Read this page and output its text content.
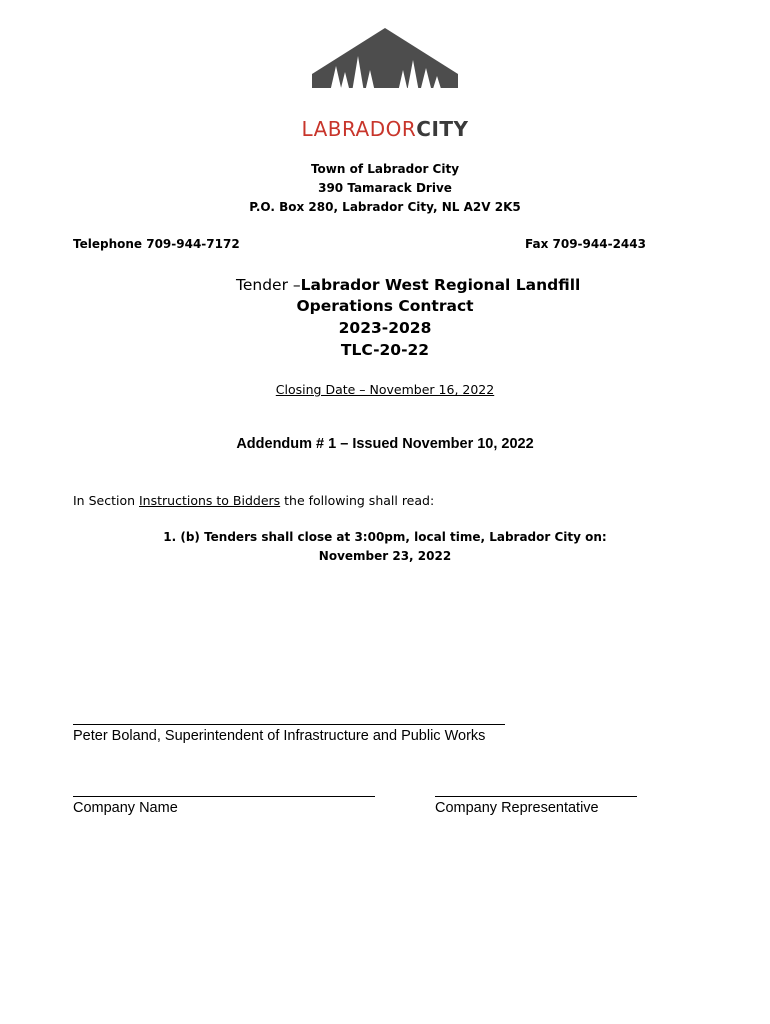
LABRADORCITY
Town of Labrador City
390 Tamarack Drive
P.O. Box 280, Labrador City, NL A2V 2K5
Telephone 709-944-7172	Fax 709-944-2443
Tender –Labrador West Regional Landfill
Operations Contract
2023-2028
TLC-20-22
Closing Date – November 16, 2022
Addendum # 1 – Issued November 10, 2022
In Section Instructions to Bidders the following shall read:
1. (b) Tenders shall close at 3:00pm, local time, Labrador City on:
November 23, 2022
Peter Boland, Superintendent of Infrastructure and Public Works
Company Name	Company Representative
